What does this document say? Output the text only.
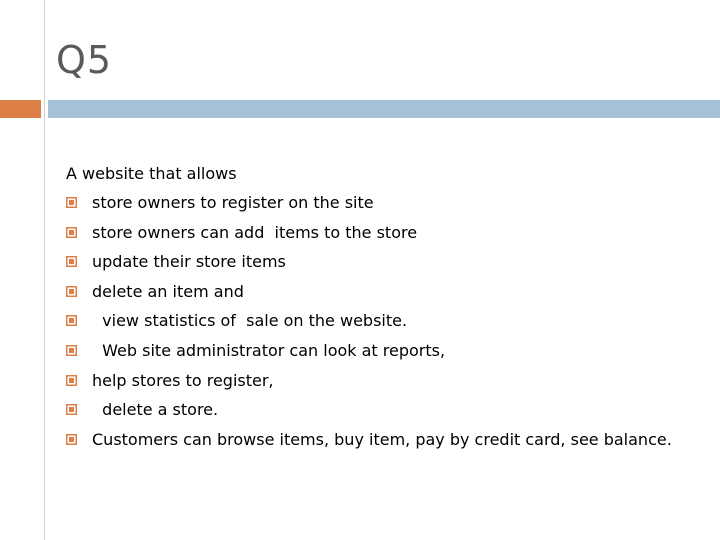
Q5
A website that allows
store owners to register on the site
store owners can add  items to the store
update their store items
delete an item and
view statistics of  sale on the website.
Web site administrator can look at reports,
help stores to register,
delete a store.
Customers can browse items, buy item, pay by credit card, see balance.
